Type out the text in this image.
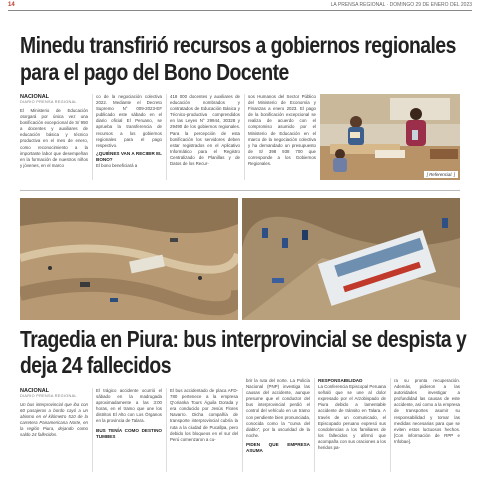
14	LA PRENSA REGIONAL · DOMINGO 29 DE ENERO DEL 2023
Minedu transfirió recursos a gobiernos regionales
para el pago del Bono Docente
NACIONAL
DIARIO PRENSA REGIONAL
El Ministerio de Educación otorgará por única vez una bonificación excepcional de S/ 950 a docentes y auxiliares de educación básica y técnico productiva en el mes de enero, como reconocimiento a la importante labor que desempeñan en la formación de nuestros niños y jóvenes, en el marco
co de la negociación colectiva 2022. Mediante el Decreto Supremo N° 009-2023-EF publicado este sábado en el diario oficial El Peruano, se aprueba la transferencia de recursos a los gobiernos regionales para el pago respectivo.
¿QUIÉNES VAN A RECIBIR EL BONO?
El bono beneficiará a
418 000 docentes y auxiliares de educación nombrados y contratados de Educación Básica y Técnico-productiva comprendidos en las Leyes N° 29944, 30328 y 29490 de los gobiernos regionales. Para la percepción de esta bonificación los servidores deben estar registrados en el Aplicativo Informático para el Registro Centralizado de Planillas y de Datos de los Recur-
sos Humanos del Sector Público del Ministerio de Economía y Finanzas a enero 2023. El pago de la bonificación excepcional se realiza de acuerdo con el compromiso asumido por el Ministerio de Educación en el marco de la negociación colectiva y ha demandado un presupuesto de S/ 398 938 700 que corresponde a los Gobiernos Regionales.
[ Referencial. ]
Tragedia en Piura: bus interprovincial se despista y
deja 24 fallecidos
NACIONAL
DIARIO PRENSA REGIONAL
Un bus interprovincial que iba con 60 pasajeros a bordo cayó a un abismo en el kilómetro 510 de la carretera Panamericana Norte, en la región Piura, dejando como saldo 24 fallecidos.
El trágico accidente ocurrió el sábado en la madrugada aproximadamente a las 3:00 horas, en el tramo que une los distritos El Alto con Los Órganos en la provincia de Talara.
BUS TENÍA COMO DESTINO TUMBES
El bus accidentado de placa AFD-780 pertenece a la empresa Q'oriankа Tours Águila Dorada y era conducido por Jesús Flores Navarro. Dicha compañía de transporte interprovincial cubría la ruta a la ciudad de Pucallpa, pero debido los bloqueos en el sur del Perú comenzaron a cu-
brir la ruta del norte. La Policía Nacional (PNP) investiga las causas del accidente, aunque presume que el conductor del bus interprovincial perdió el control del vehículo en un tramo con pendiente bien pronunciada, conocida como la "curva del diablo", por la oscuridad de la noche.
PIDEN QUE EMPRESA ASUMA
RESPONSABILIDAD
La Conferencia Episcopal Peruana señaló que se une al dolor expresado por el Arzobispado de Piura debido a lamentable accidente de tránsito en Talara. A través de un comunicado, el Episcopado peruano expresó sus condolencias a los familiares de los fallecidos y afirmó que acompaña con sus oraciones a los heridos pa-
ra su pronta recuperación. Además, pidieron a las autoridades investigar a profundidad las causas de este accidente, así como a la empresa de transportes asumir su responsabilidad y tomar las medidas necesarias para que se eviten estos luctuosos hechos. [Con información de RPP e Infobae].
